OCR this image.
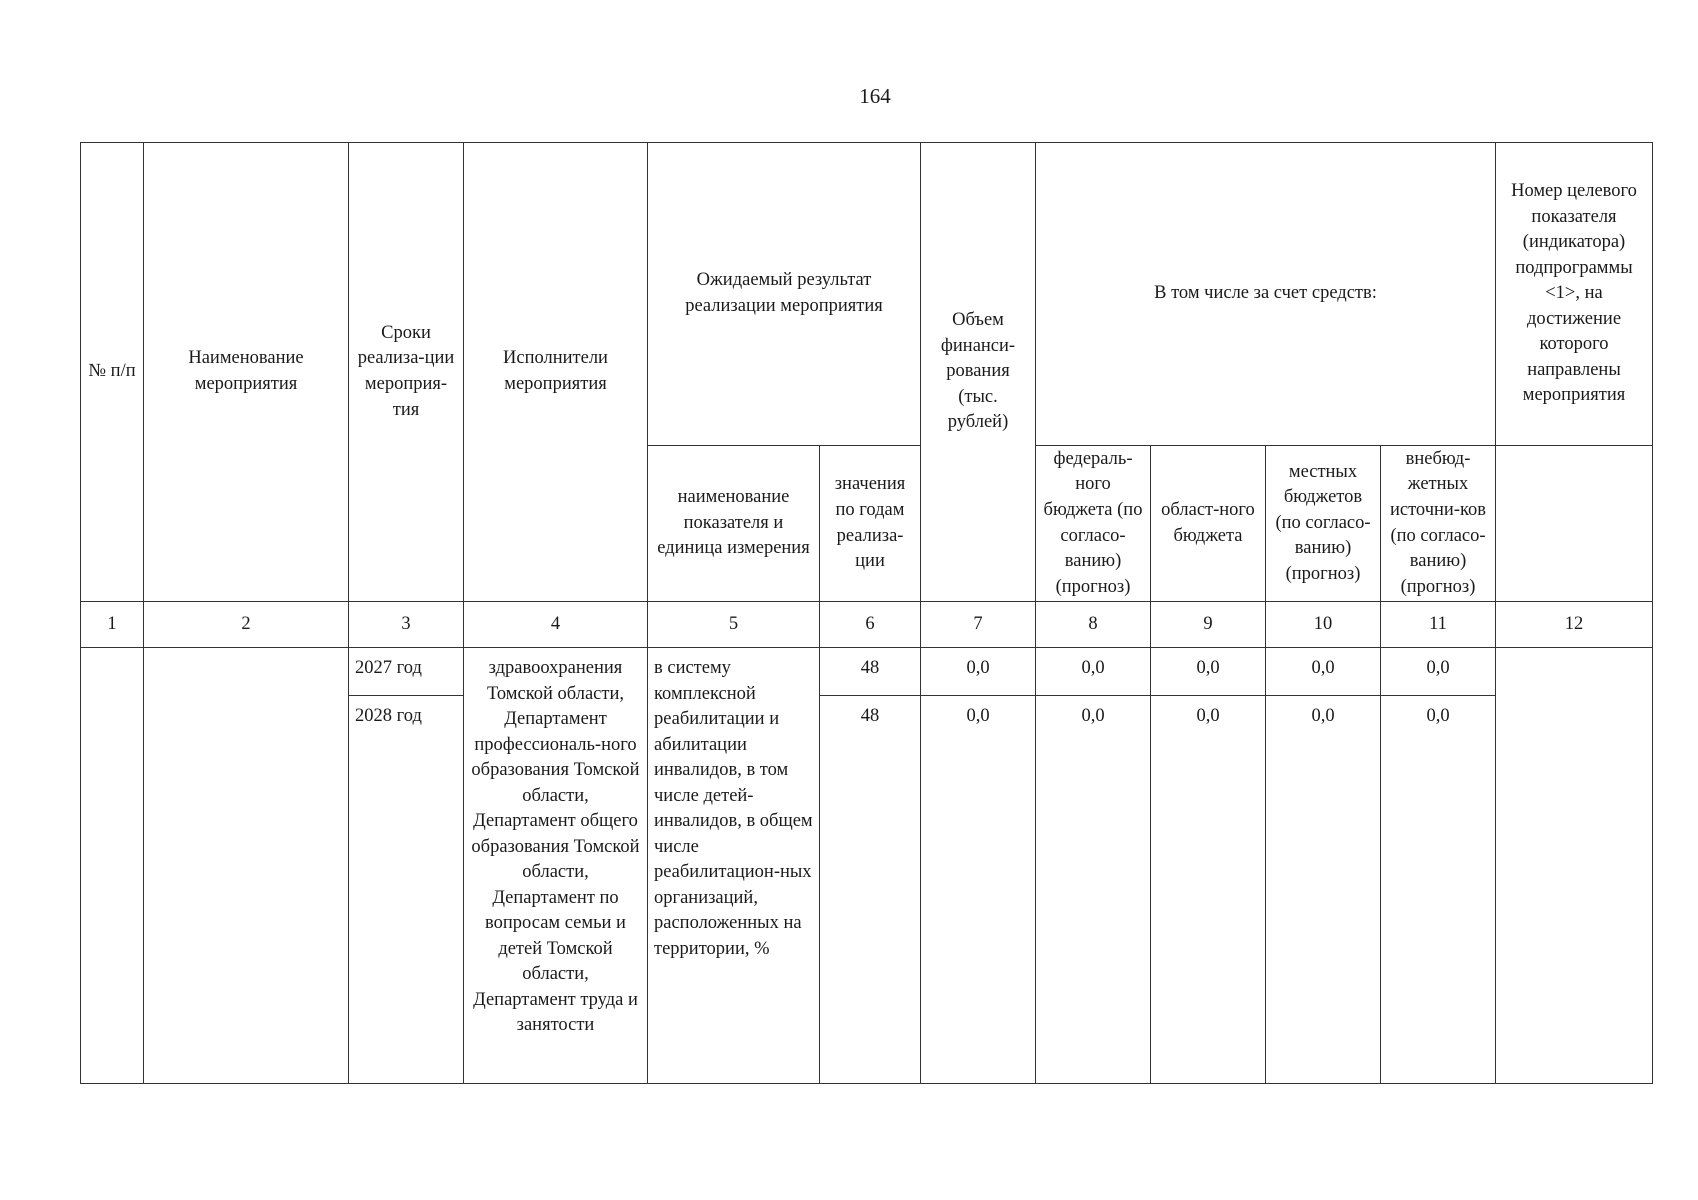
164
№ п/п	Наименование мероприятия	Сроки реализа-ции мероприя-тия	Исполнители мероприятия	Ожидаемый результат реализации мероприятия		Объем финанси-рования (тыс. рублей)	В том числе за счет средств:				Номер целевого показателя (индикатора) подпрограммы <1>, на достижение которого направлены мероприятия

				наименование показателя и единица измерения	значения по годам реализа-ции		федераль-ного бюджета (по согласо-ванию) (прогноз)	област-ного бюджета	местных бюджетов (по согласо-ванию) (прогноз)	внебюд-жетных источни-ков (по согласо-ванию) (прогноз)	
1	2	3	4	5	6	7	8	9	10	11	12
		2027 год	здравоохранения Томской области, Департамент профессиональ-ного образования Томской области, Департамент общего образования Томской области, Департамент по вопросам семьи и детей Томской области, Департамент труда и занятости	в систему комплексной реабилитации и абилитации инвалидов, в том числе детей-инвалидов, в общем числе реабилитацион-ных организаций, расположенных на территории, %	48	0,0	0,0	0,0	0,0	0,0	
		2028 год			48	0,0	0,0	0,0	0,0	0,0	
